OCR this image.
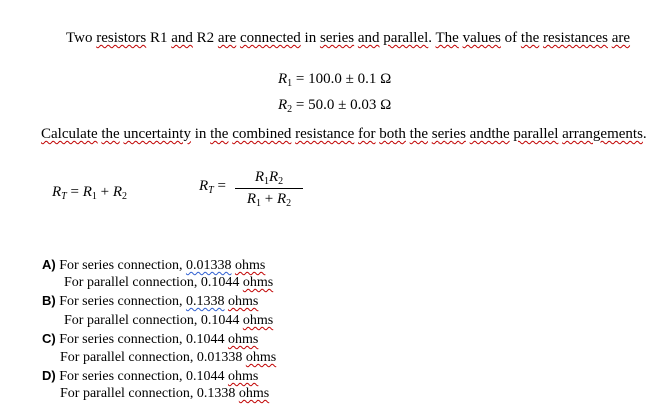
Two resistors R1 and R2 are connected in series and parallel. The values of the resistances are
$R_1 = 100.0 \pm 0.1$ Ω
$R_2 = 50.0 \pm 0.03$ Ω
Calculate the uncertainty in the combined resistance for both the series andthe parallel arrangements.
$R_T = R_1 + R_2$
$R_T = \frac{R_1R_2}{R_1 + R_2}$
A) For series connection, 0.01338 ohms
For parallel connection, 0.1044 ohms
B) For series connection, 0.1338 ohms
For parallel connection, 0.1044 ohms
C) For series connection, 0.1044 ohms
For parallel connection, 0.01338 ohms
D) For series connection, 0.1044 ohms
For parallel connection, 0.1338 ohms
